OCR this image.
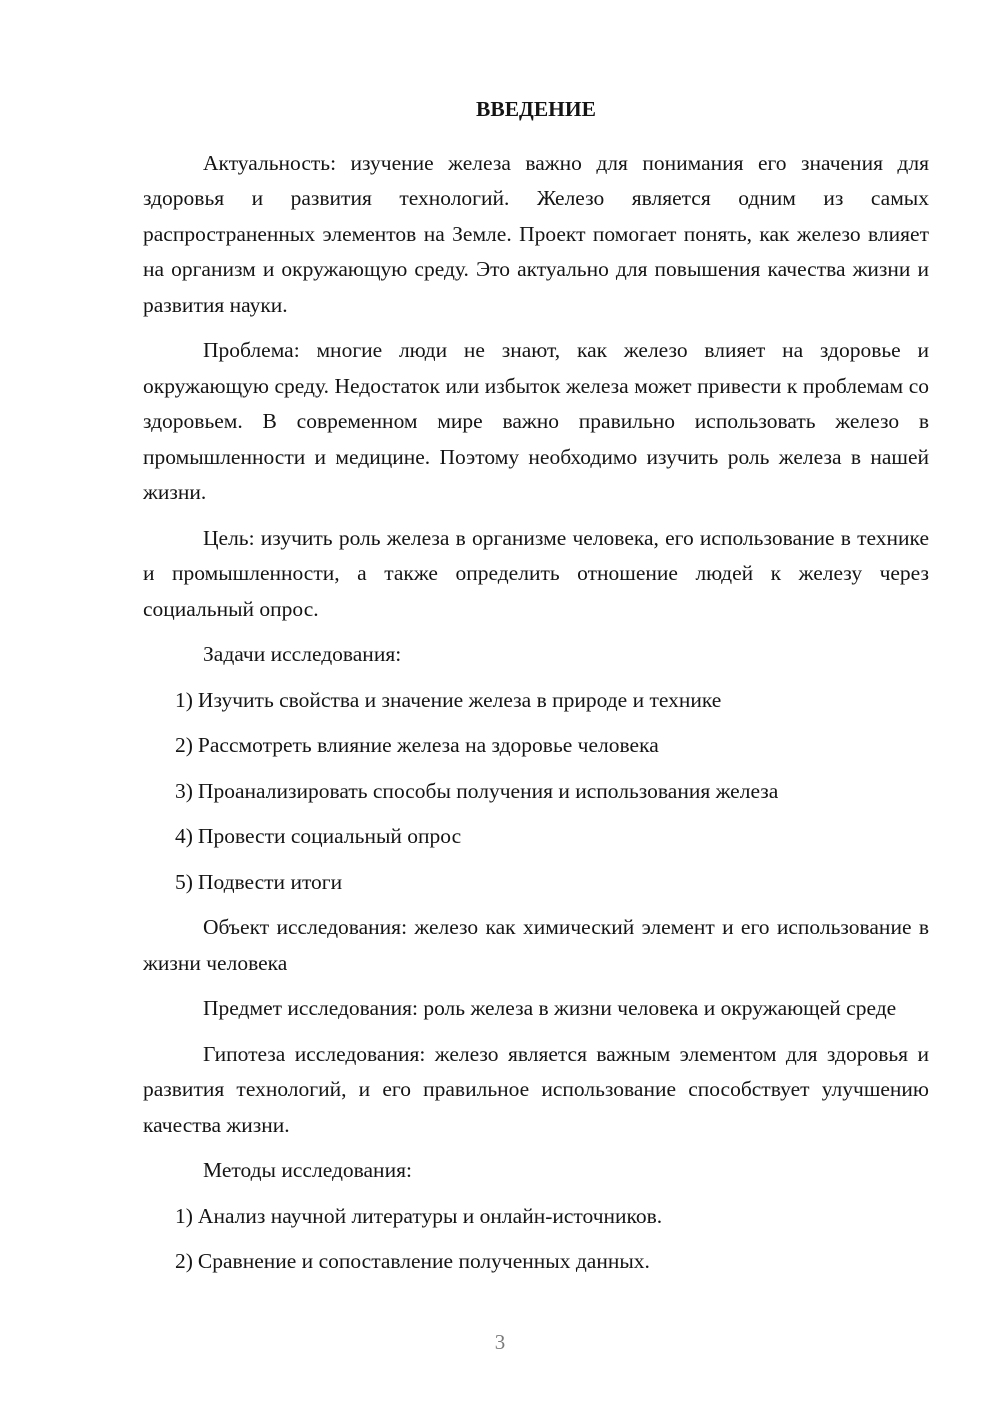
ВВЕДЕНИЕ

Актуальность: изучение железа важно для понимания его значения для здоровья и развития технологий. Железо является одним из самых распространенных элементов на Земле. Проект помогает понять, как железо влияет на организм и окружающую среду. Это актуально для повышения качества жизни и развития науки.

Проблема: многие люди не знают, как железо влияет на здоровье и окружающую среду. Недостаток или избыток железа может привести к проблемам со здоровьем. В современном мире важно правильно использовать железо в промышленности и медицине. Поэтому необходимо изучить роль железа в нашей жизни.

Цель: изучить роль железа в организме человека, его использование в технике и промышленности, а также определить отношение людей к железу через социальный опрос.

Задачи исследования:

1) Изучить свойства и значение железа в природе и технике
2) Рассмотреть влияние железа на здоровье человека
3) Проанализировать способы получения и использования железа
4) Провести социальный опрос
5) Подвести итоги

Объект исследования: железо как химический элемент и его использование в жизни человека

Предмет исследования: роль железа в жизни человека и окружающей среде

Гипотеза исследования: железо является важным элементом для здоровья и развития технологий, и его правильное использование способствует улучшению качества жизни.

Методы исследования:

1) Анализ научной литературы и онлайн-источников.
2) Сравнение и сопоставление полученных данных.
3
